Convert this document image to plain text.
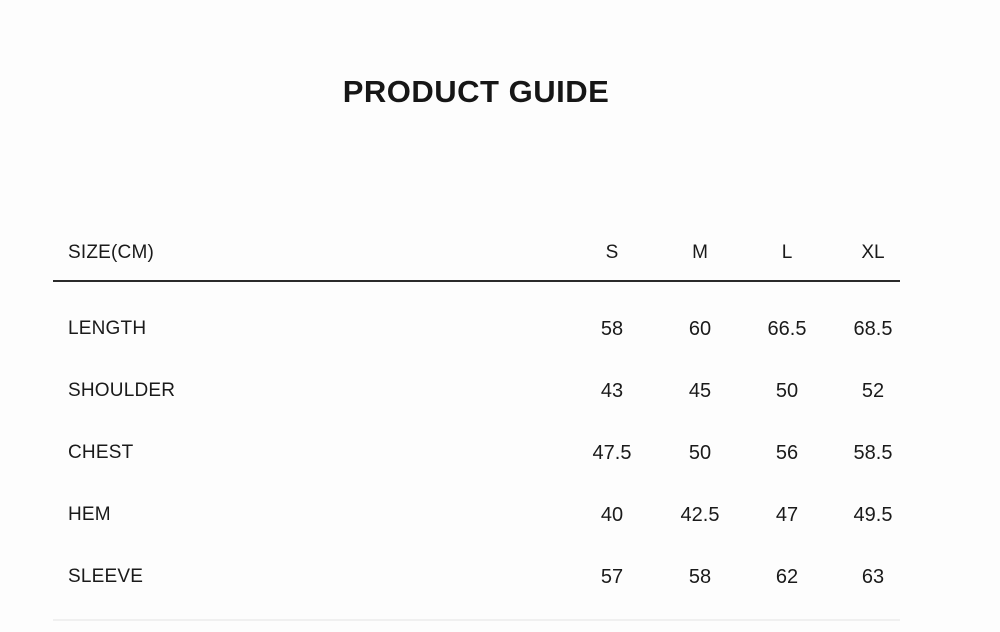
PRODUCT GUIDE
SIZE(CM)	S	M	L	XL
LENGTH	58	60	66.5	68.5
SHOULDER	43	45	50	52
CHEST	47.5	50	56	58.5
HEM	40	42.5	47	49.5
SLEEVE	57	58	62	63
